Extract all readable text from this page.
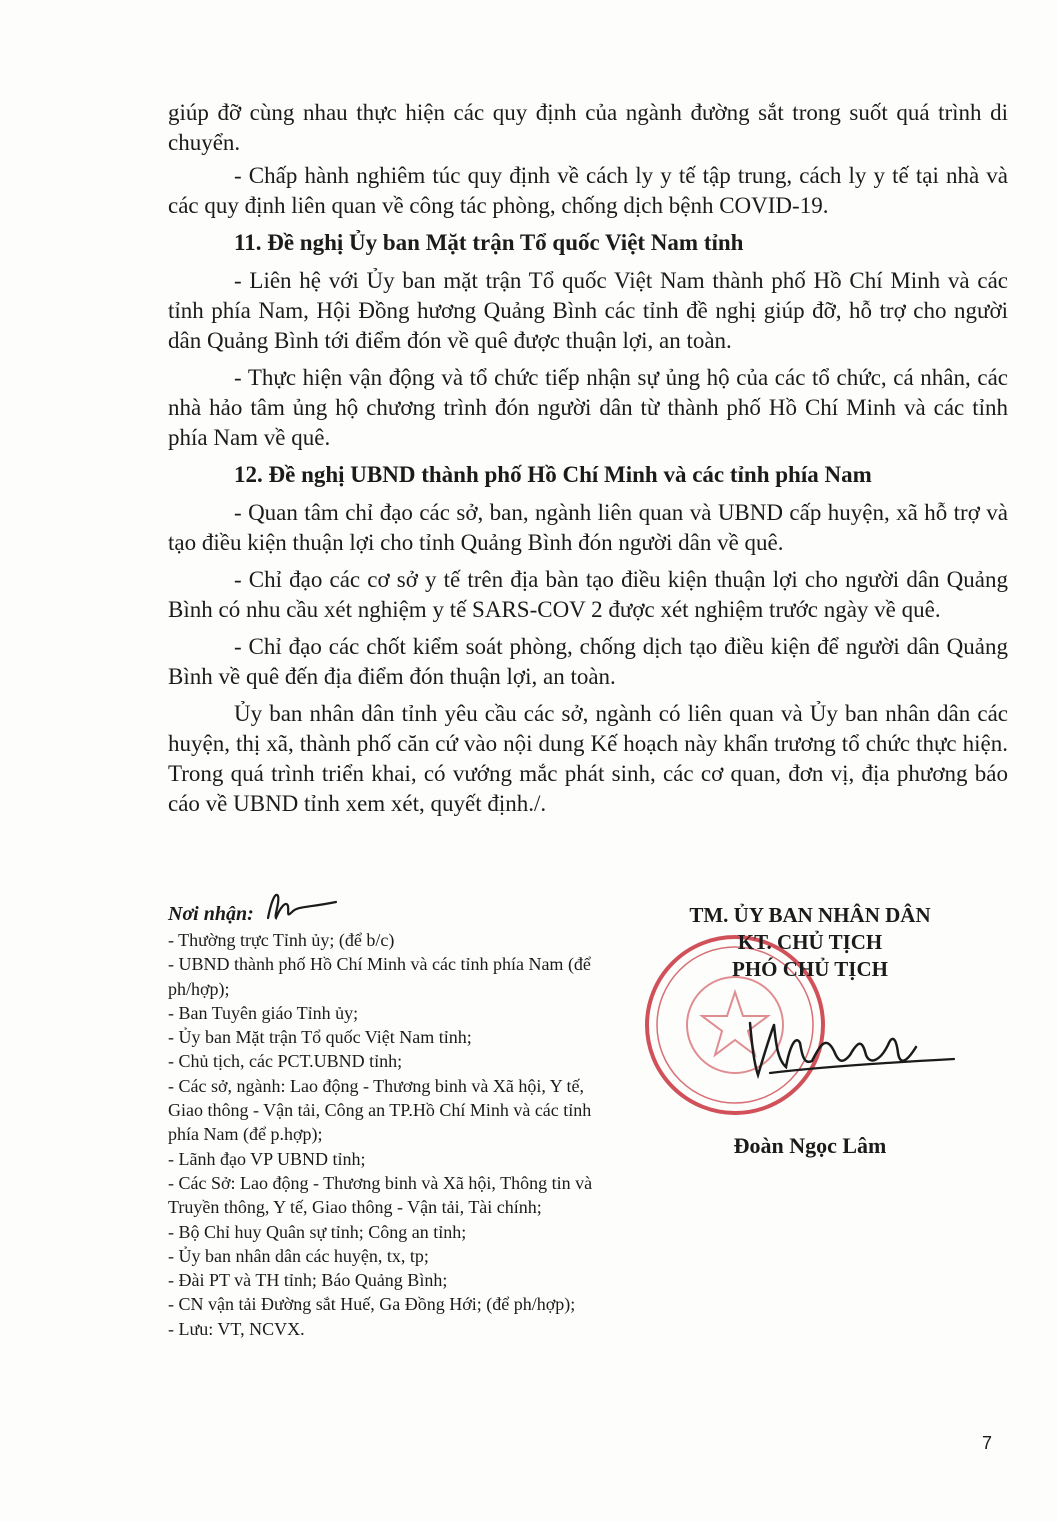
giúp đỡ cùng nhau thực hiện các quy định của ngành đường sắt trong suốt quá trình di chuyển.

- Chấp hành nghiêm túc quy định về cách ly y tế tập trung, cách ly y tế tại nhà và các quy định liên quan về công tác phòng, chống dịch bệnh COVID-19.

11. Đề nghị Ủy ban Mặt trận Tổ quốc Việt Nam tỉnh

- Liên hệ với Ủy ban mặt trận Tổ quốc Việt Nam thành phố Hồ Chí Minh và các tỉnh phía Nam, Hội Đồng hương Quảng Bình các tỉnh đề nghị giúp đỡ, hỗ trợ cho người dân Quảng Bình tới điểm đón về quê được thuận lợi, an toàn.

- Thực hiện vận động và tổ chức tiếp nhận sự ủng hộ của các tổ chức, cá nhân, các nhà hảo tâm ủng hộ chương trình đón người dân từ thành phố Hồ Chí Minh và các tỉnh phía Nam về quê.

12. Đề nghị UBND thành phố Hồ Chí Minh và các tỉnh phía Nam

- Quan tâm chỉ đạo các sở, ban, ngành liên quan và UBND cấp huyện, xã hỗ trợ và tạo điều kiện thuận lợi cho tỉnh Quảng Bình đón người dân về quê.

- Chỉ đạo các cơ sở y tế trên địa bàn tạo điều kiện thuận lợi cho người dân Quảng Bình có nhu cầu xét nghiệm y tế SARS-COV 2 được xét nghiệm trước ngày về quê.

- Chỉ đạo các chốt kiểm soát phòng, chống dịch tạo điều kiện để người dân Quảng Bình về quê đến địa điểm đón thuận lợi, an toàn.

Ủy ban nhân dân tỉnh yêu cầu các sở, ngành có liên quan và Ủy ban nhân dân các huyện, thị xã, thành phố căn cứ vào nội dung Kế hoạch này khẩn trương tổ chức thực hiện. Trong quá trình triển khai, có vướng mắc phát sinh, các cơ quan, đơn vị, địa phương báo cáo về UBND tỉnh xem xét, quyết định./.

Nơi nhận:
- Thường trực Tỉnh ủy; (để b/c)
- UBND thành phố Hồ Chí Minh và các tỉnh phía Nam (để ph/hợp);
- Ban Tuyên giáo Tỉnh ủy;
- Ủy ban Mặt trận Tổ quốc Việt Nam tỉnh;
- Chủ tịch, các PCT.UBND tỉnh;
- Các sở, ngành: Lao động - Thương binh và Xã hội, Y tế, Giao thông - Vận tải, Công an TP.Hồ Chí Minh và các tỉnh phía Nam (để p.hợp);
- Lãnh đạo VP UBND tỉnh;
- Các Sở: Lao động - Thương binh và Xã hội, Thông tin và Truyền thông, Y tế, Giao thông - Vận tải, Tài chính;
- Bộ Chỉ huy Quân sự tỉnh; Công an tỉnh;
- Ủy ban nhân dân các huyện, tx, tp;
- Đài PT và TH tỉnh; Báo Quảng Bình;
- CN vận tải Đường sắt Huế, Ga Đồng Hới; (để ph/hợp);
- Lưu: VT, NCVX.
TM. ỦY BAN NHÂN DÂN
KT. CHỦ TỊCH
PHÓ CHỦ TỊCH
Đoàn Ngọc Lâm
7
